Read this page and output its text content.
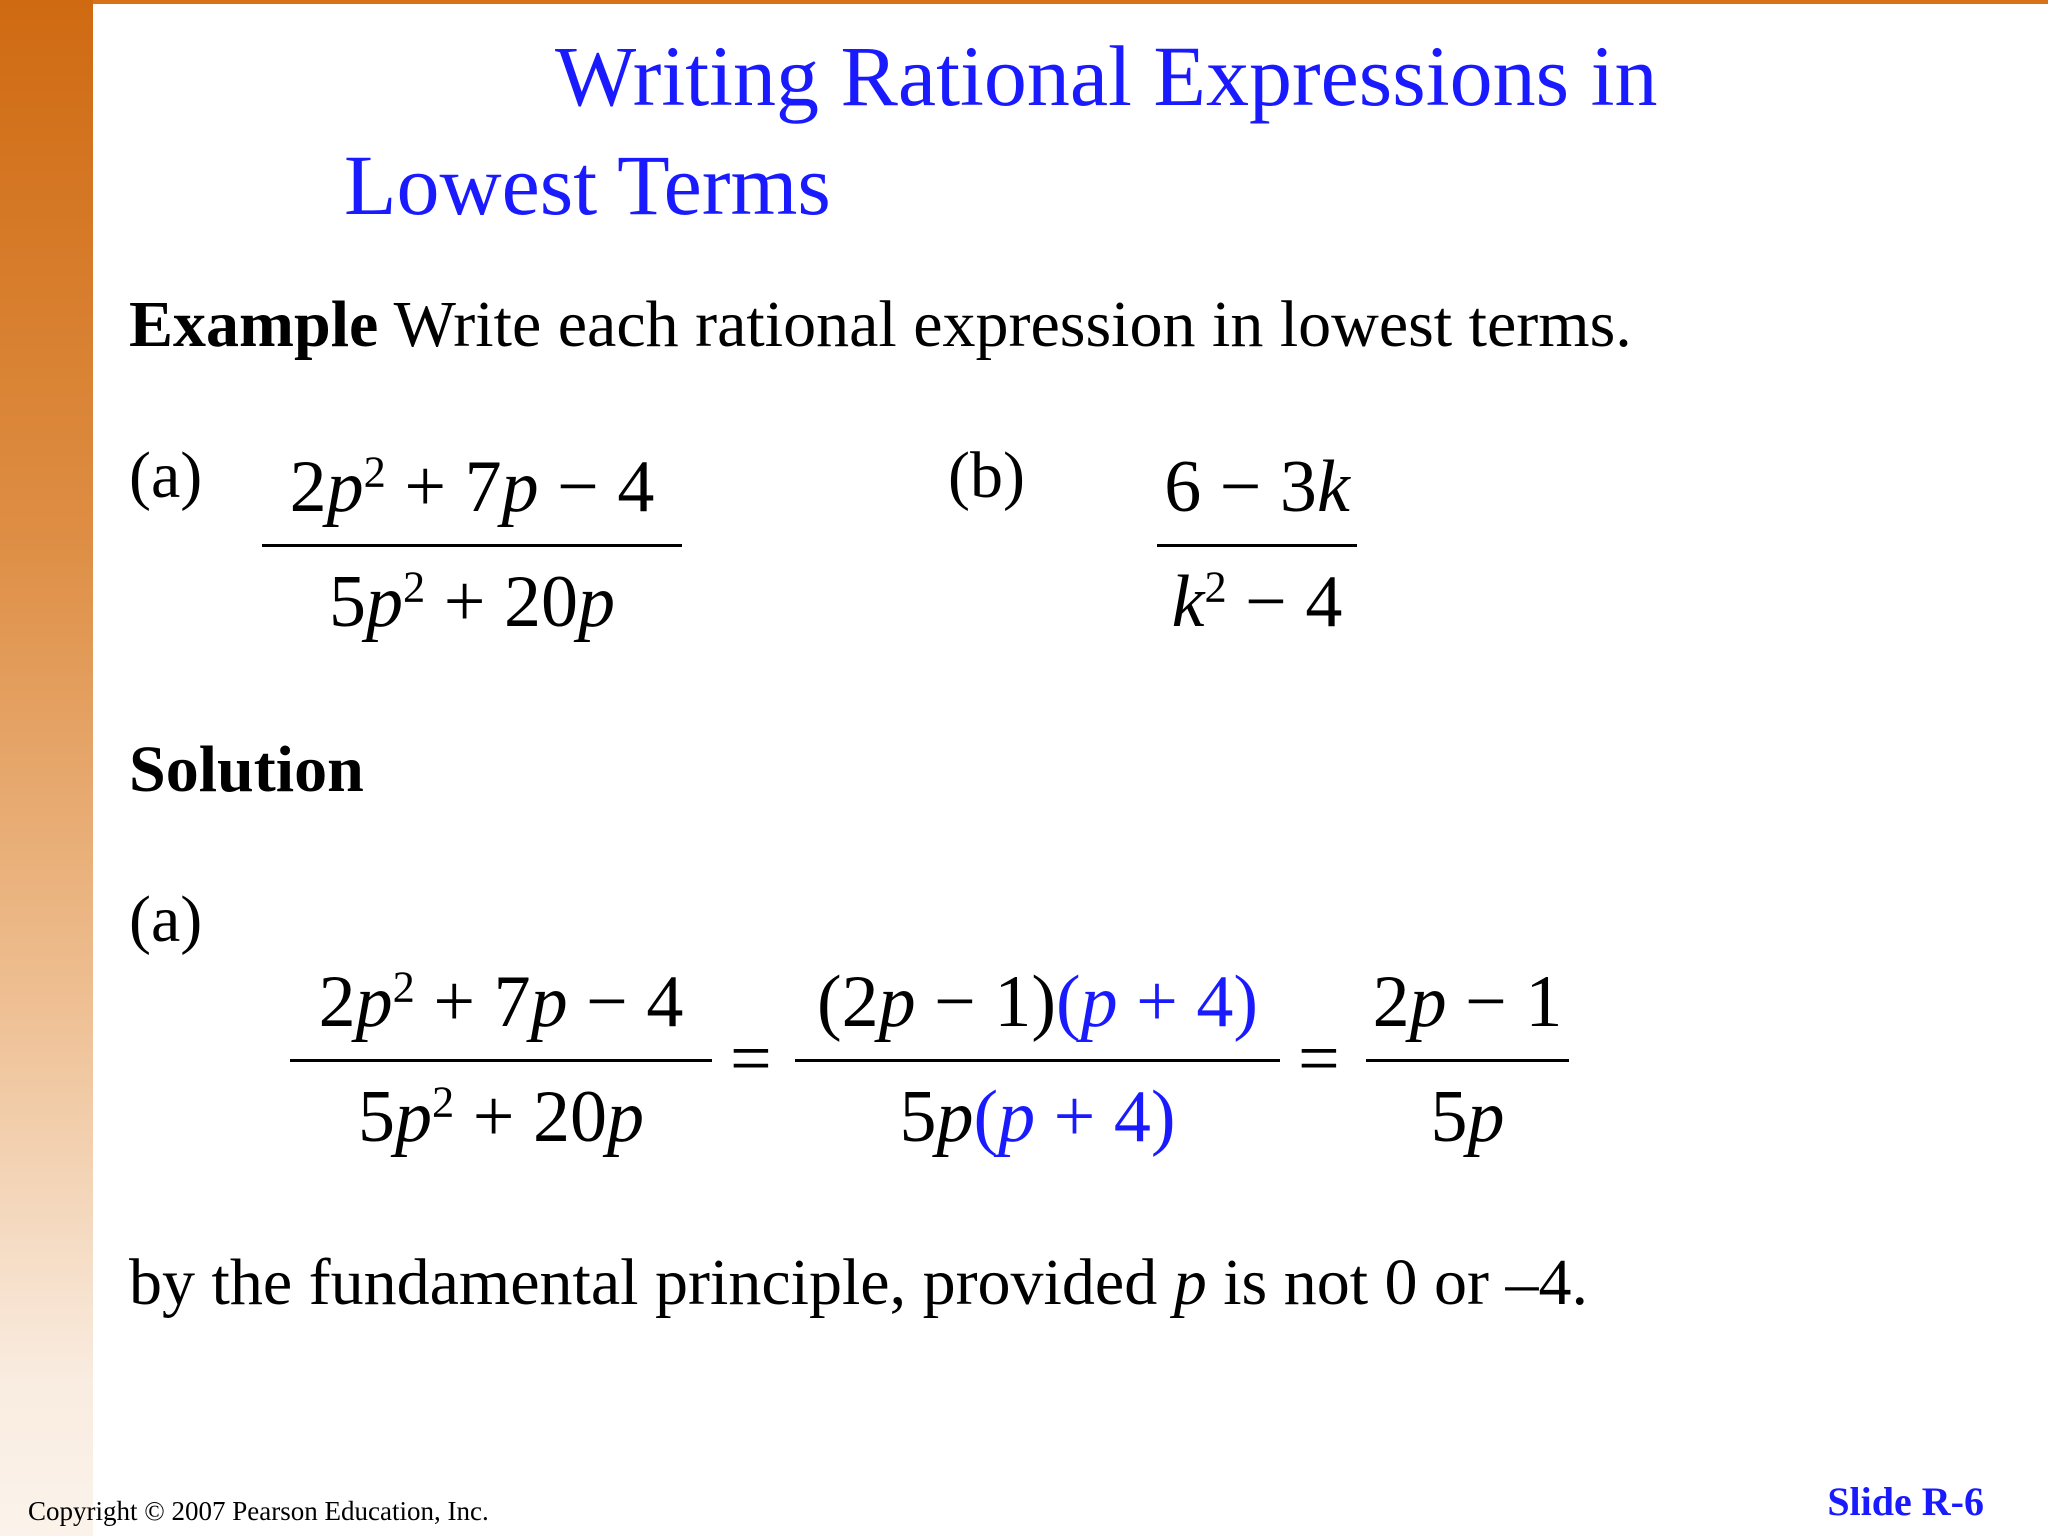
Writing Rational Expressions in
Lowest Terms
Example Write each rational expression in lowest terms.
(a)	$2p^2 + 7p - 4$
$5p^2 + 20p$
(b) 6 − 3k
$k^2 - 4$
Solution
(a)
$2p^2 + 7p - 4$
$5p^2 + 20p$
=
(2p − 1)(p + 4)
5p(p + 4)
=
2p − 1
5p
by the fundamental principle, provided p is not 0 or –4.
Copyright © 2007 Pearson Education, Inc.	Slide R-6
